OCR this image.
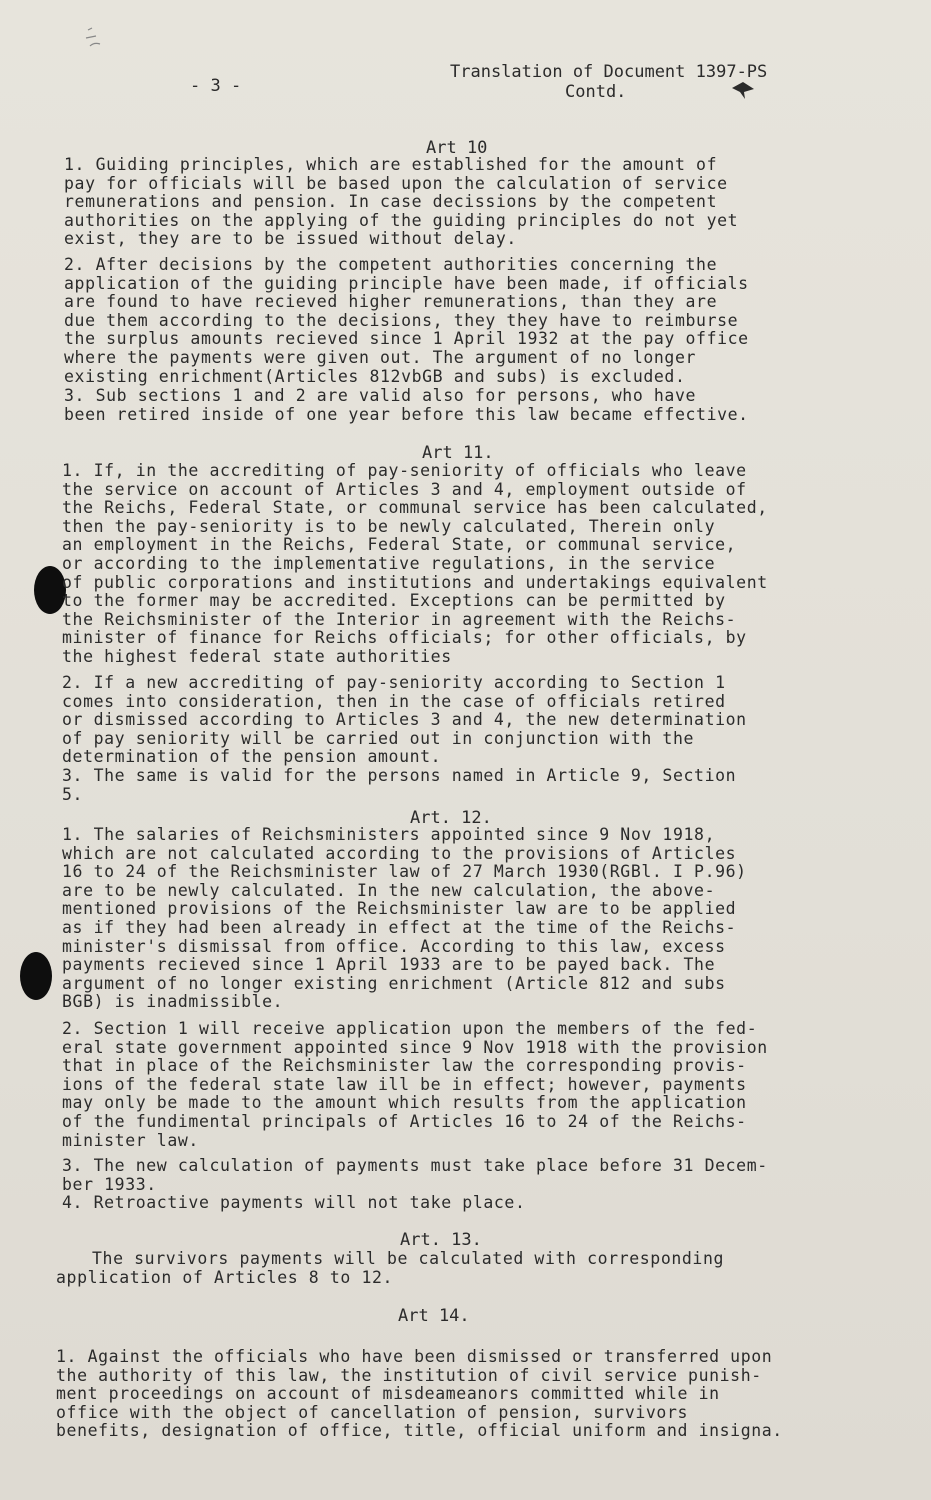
- 3 -
Translation of Document 1397-PS
Contd.
Art 10

1. Guiding principles, which are established for the amount of
pay for officials will be based upon the calculation of service
remunerations and pension. In case decissions by the competent
authorities on the applying of the guiding principles do not yet
exist, they are to be issued without delay.

2. After decisions by the competent authorities concerning the
application of the guiding principle have been made, if officials
are found to have recieved higher remunerations, than they are
due them according to the decisions, they they have to reimburse
the surplus amounts recieved since 1 April 1932 at the pay office
where the payments were given out. The argument of no longer
existing enrichment(Articles 812vbGB and subs) is excluded.

3. Sub sections 1 and 2 are valid also for persons, who have
been retired inside of one year before this law became effective.

Art 11.

1. If, in the accrediting of pay-seniority of officials who leave
the service on account of Articles 3 and 4, employment outside of
the Reichs, Federal State, or communal service has been calculated,
then the pay-seniority is to be newly calculated, Therein only
an employment in the Reichs, Federal State, or communal service,
or according to the implementative regulations, in the service
of public corporations and institutions and undertakings equivalent
to the former may be accredited. Exceptions can be permitted by
the Reichsminister of the Interior in agreement with the Reichs-
minister of finance for Reichs officials; for other officials, by
the highest federal state authorities

2. If a new accrediting of pay-seniority according to Section 1
comes into consideration, then in the case of officials retired
or dismissed according to Articles 3 and 4, the new determination
of pay seniority will be carried out in conjunction with the
determination of the pension amount.

3. The same is valid for the persons named in Article 9, Section
5.

Art. 12.

1. The salaries of Reichsministers appointed since 9 Nov 1918,
which are not calculated according to the provisions of Articles
16 to 24 of the Reichsminister law of 27 March 1930(RGBl. I P.96)
are to be newly calculated. In the new calculation, the above-
mentioned provisions of the Reichsminister law are to be applied
as if they had been already in effect at the time of the Reichs-
minister's dismissal from office. According to this law, excess
payments recieved since 1 April 1933 are to be payed back. The
argument of no longer existing enrichment (Article 812 and subs
BGB) is inadmissible.

2. Section 1 will receive application upon the members of the fed-
eral state government appointed since 9 Nov 1918 with the provision
that in place of the Reichsminister law the corresponding provis-
ions of the federal state law ill be in effect; however, payments
may only be made to the amount which results from the application
of the fundimental principals of Articles 16 to 24 of the Reichs-
minister law.

3. The new calculation of payments must take place before 31 Decem-
ber 1933.

4. Retroactive payments will not take place.

Art. 13.

The survivors payments will be calculated with corresponding
application of Articles 8 to 12.

Art 14.

1. Against the officials who have been dismissed or transferred upon
the authority of this law, the institution of civil service punish-
ment proceedings on account of misdeameanors committed while in
office with the object of cancellation of pension, survivors
benefits, designation of office, title, official uniform and insigna.
